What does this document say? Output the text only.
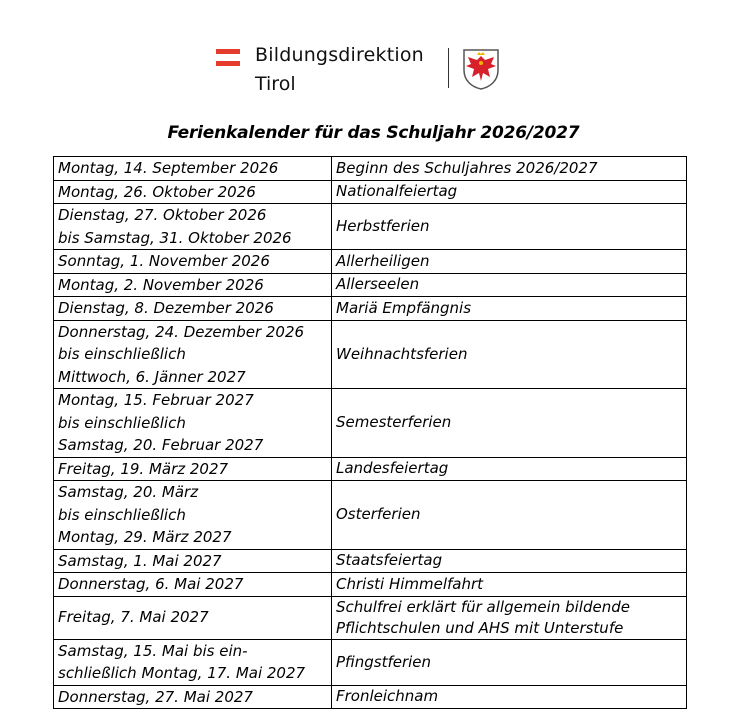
Bildungsdirektion
Tirol
Ferienkalender für das Schuljahr 2026/2027
Montag, 14. September 2026	Beginn des Schuljahres 2026/2027
Montag, 26. Oktober 2026	Nationalfeiertag
Dienstag, 27. Oktober 2026
bis Samstag, 31. Oktober 2026	Herbstferien
Sonntag, 1. November 2026	Allerheiligen
Montag, 2. November 2026	Allerseelen
Dienstag, 8. Dezember 2026	Mariä Empfängnis
Donnerstag, 24. Dezember 2026
bis einschließlich
Mittwoch, 6. Jänner 2027	Weihnachtsferien
Montag, 15. Februar 2027
bis einschließlich
Samstag, 20. Februar 2027	Semesterferien
Freitag, 19. März 2027	Landesfeiertag
Samstag, 20. März
bis einschließlich
Montag, 29. März 2027	Osterferien
Samstag, 1. Mai 2027	Staatsfeiertag
Donnerstag, 6. Mai 2027	Christi Himmelfahrt
Freitag, 7. Mai 2027	Schulfrei erklärt für allgemein bildende
Pflichtschulen und AHS mit Unterstufe
Samstag, 15. Mai bis ein-
schließlich Montag, 17. Mai 2027	Pfingstferien
Donnerstag, 27. Mai 2027	Fronleichnam
